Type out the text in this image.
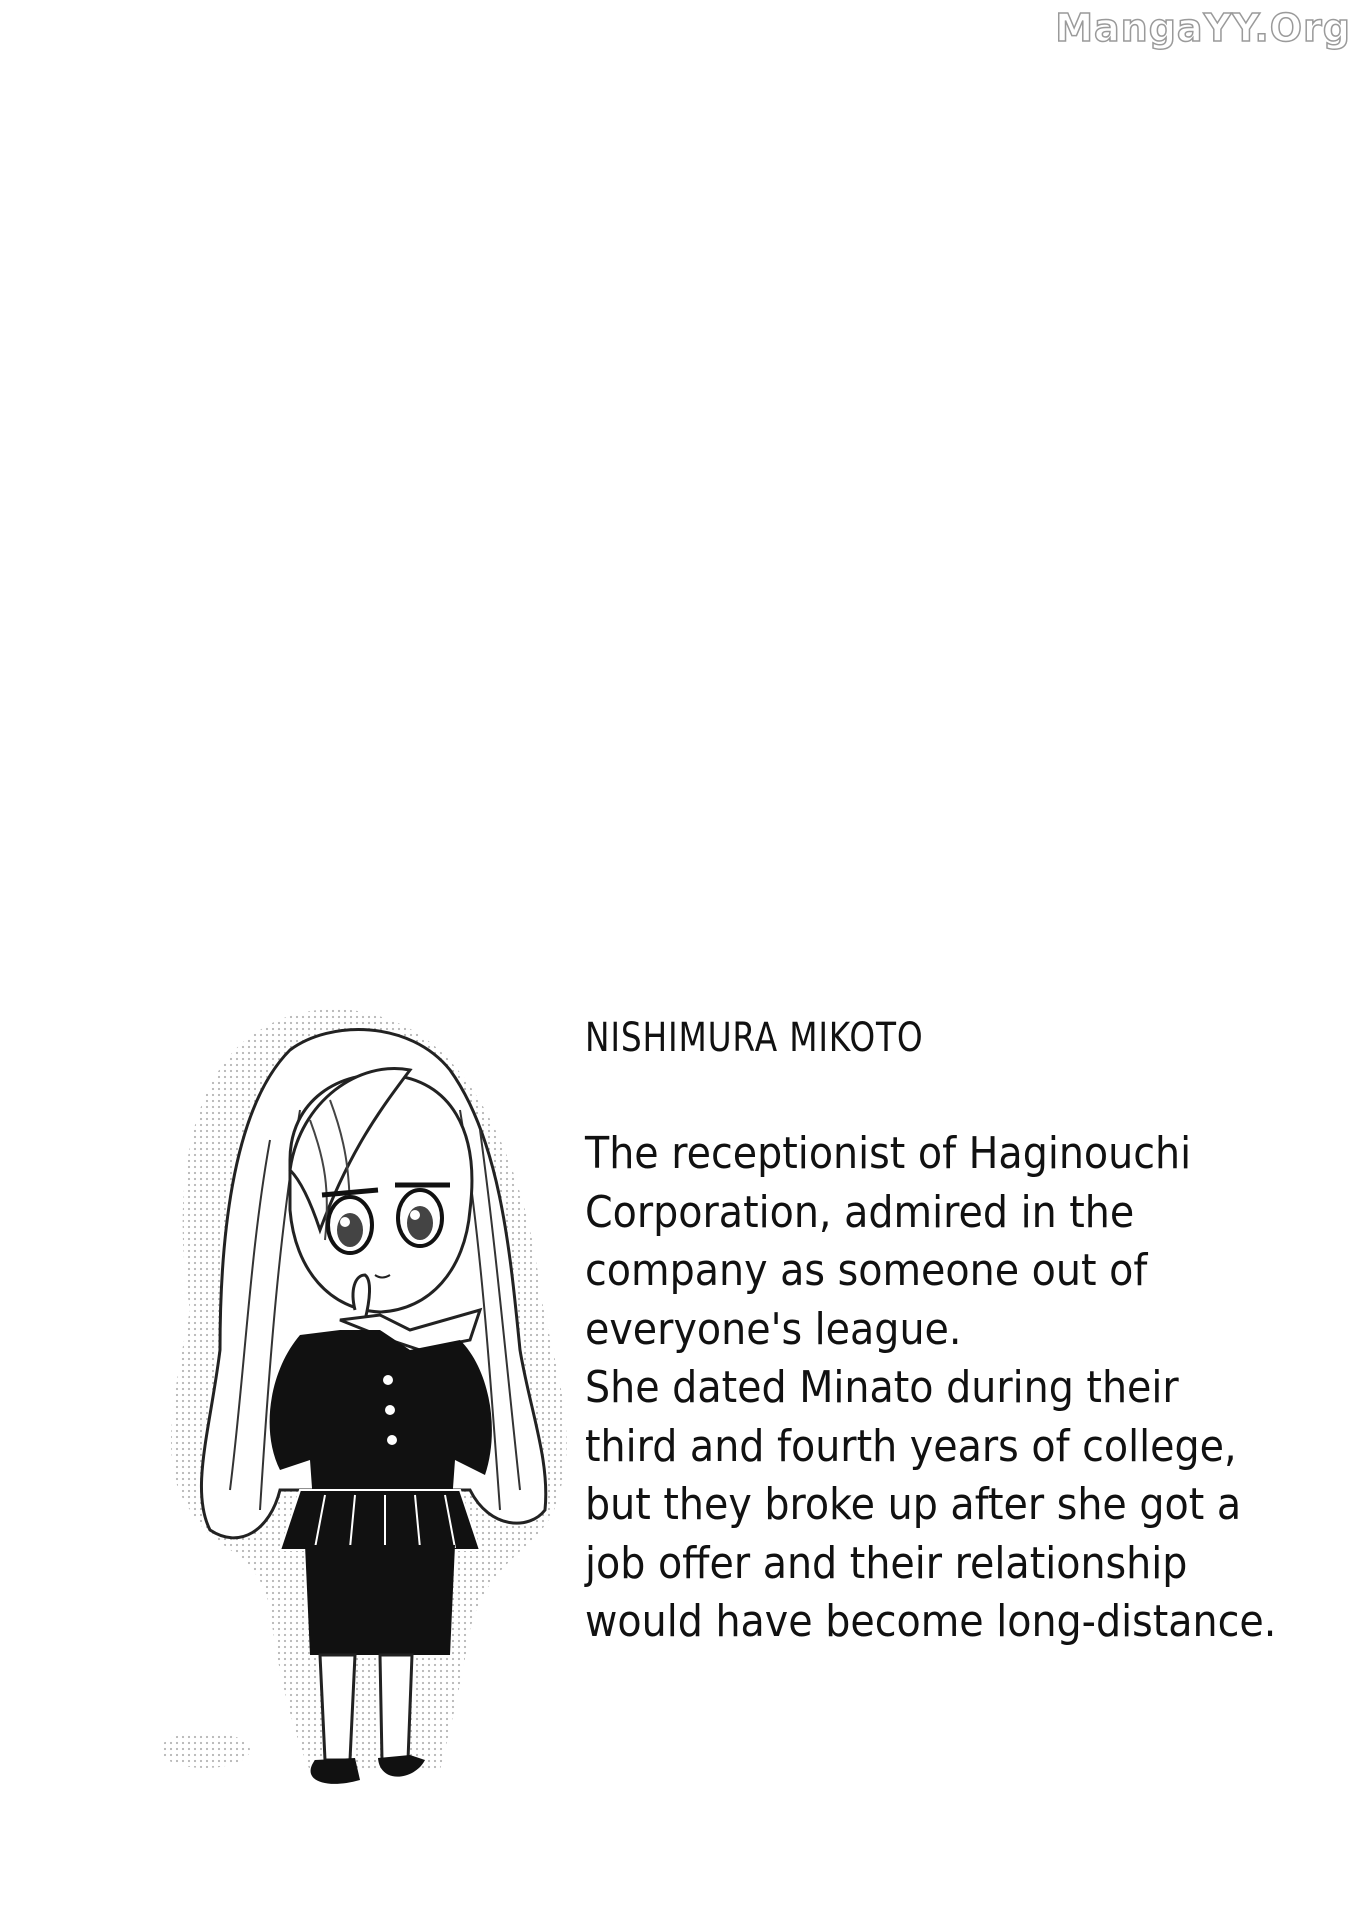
MangaYY.Org
NISHIMURA MIKOTO
The receptionist of Haginouchi
Corporation, admired in the
company as someone out of
everyone's league.
She dated Minato during their
third and fourth years of college,
but they broke up after she got a
job offer and their relationship
would have become long-distance.
